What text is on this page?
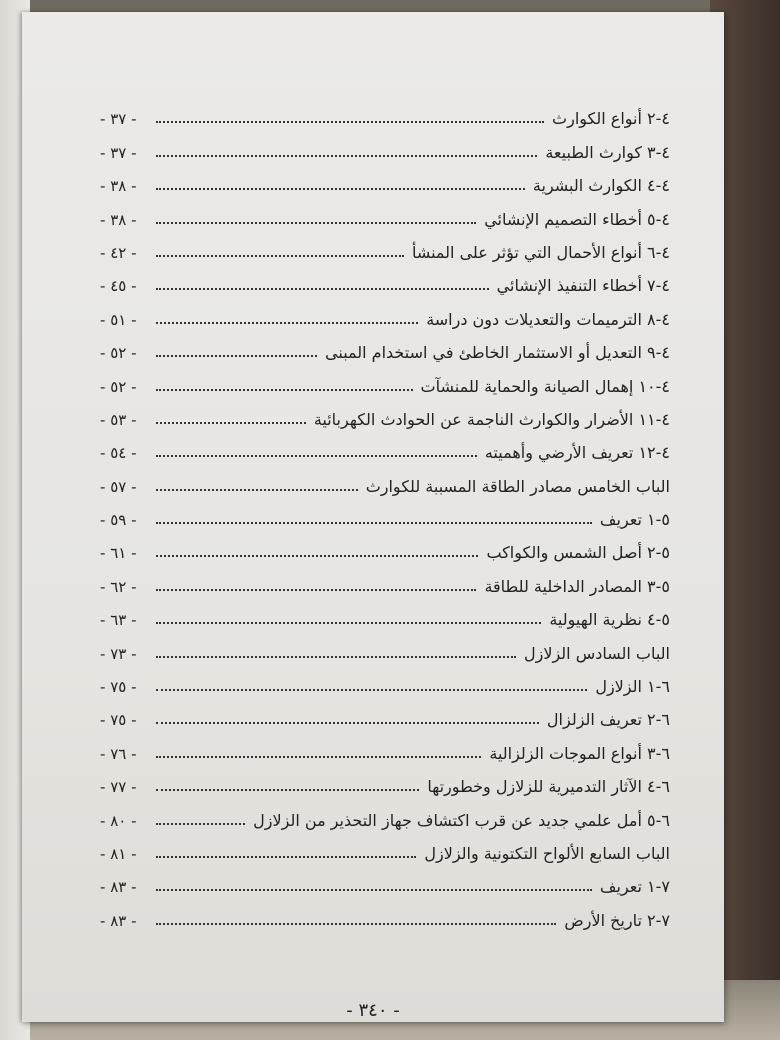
٤-٢ أنواع الكوارث
- ٣٧ -
٤-٣ كوارث الطبيعة
- ٣٧ -
٤-٤ الكوارث البشرية
- ٣٨ -
٤-٥ أخطاء التصميم الإنشائي
- ٣٨ -
٤-٦ أنواع الأحمال التي تؤثر على المنشأ
- ٤٢ -
٤-٧ أخطاء التنفيذ الإنشائي
- ٤٥ -
٤-٨ الترميمات والتعديلات دون دراسة
- ٥١ -
٤-٩ التعديل أو الاستثمار الخاطئ في استخدام المبنى
- ٥٢ -
٤-١٠ إهمال الصيانة والحماية للمنشآت
- ٥٢ -
٤-١١ الأضرار والكوارث الناجمة عن الحوادث الكهربائية
- ٥٣ -
٤-١٢ تعريف الأرضي وأهميته
- ٥٤ -
الباب الخامس مصادر الطاقة المسببة للكوارث
- ٥٧ -
٥-١ تعريف
- ٥٩ -
٥-٢ أصل الشمس والكواكب
- ٦١ -
٥-٣ المصادر الداخلية للطاقة
- ٦٢ -
٥-٤ نظرية الهيولية
- ٦٣ -
الباب السادس الزلازل
- ٧٣ -
٦-١ الزلازل
- ٧٥ -
٦-٢ تعريف الزلزال
- ٧٥ -
٦-٣ أنواع الموجات الزلزالية
- ٧٦ -
٦-٤ الآثار التدميرية للزلازل وخطورتها
- ٧٧ -
٦-٥ أمل علمي جديد عن قرب اكتشاف جهاز التحذير من الزلازل
- ٨٠ -
الباب السابع الألواح التكتونية والزلازل
- ٨١ -
٧-١ تعريف
- ٨٣ -
٧-٢ تاريخ الأرض
- ٨٣ -
- ٣٤٠ -
